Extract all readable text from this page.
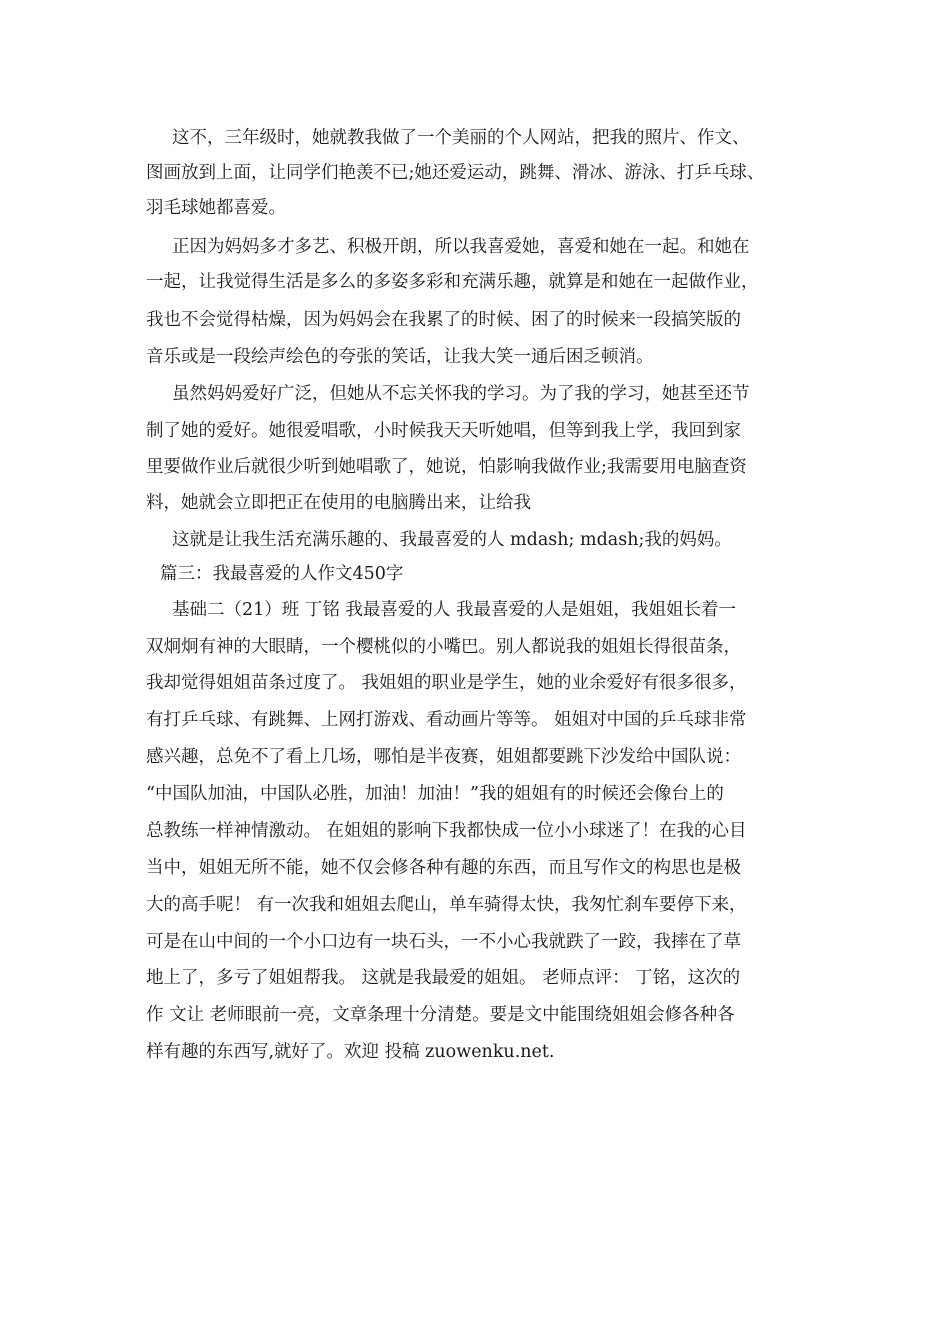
这不，三年级时，她就教我做了一个美丽的个人网站，把我的照片、作文、
图画放到上面，让同学们艳羡不已;她还爱运动，跳舞、滑冰、游泳、打乒乓球、
羽毛球她都喜爱。
正因为妈妈多才多艺、积极开朗，所以我喜爱她，喜爱和她在一起。和她在
一起，让我觉得生活是多么的多姿多彩和充满乐趣，就算是和她在一起做作业，
我也不会觉得枯燥，因为妈妈会在我累了的时候、困了的时候来一段搞笑版的
音乐或是一段绘声绘色的夸张的笑话，让我大笑一通后困乏顿消。
虽然妈妈爱好广泛，但她从不忘关怀我的学习。为了我的学习，她甚至还节
制了她的爱好。她很爱唱歌，小时候我天天听她唱，但等到我上学，我回到家
里要做作业后就很少听到她唱歌了，她说，怕影响我做作业;我需要用电脑查资
料，她就会立即把正在使用的电脑腾出来，让给我
这就是让我生活充满乐趣的、我最喜爱的人 mdash; mdash;我的妈妈。
篇三：我最喜爱的人作文450字
基础二（21）班 丁铭 我最喜爱的人 我最喜爱的人是姐姐，我姐姐长着一
双炯炯有神的大眼睛，一个樱桃似的小嘴巴。别人都说我的姐姐长得很苗条，
我却觉得姐姐苗条过度了。 我姐姐的职业是学生，她的业余爱好有很多很多，
有打乒乓球、有跳舞、上网打游戏、看动画片等等。 姐姐对中国的乒乓球非常
感兴趣，总免不了看上几场，哪怕是半夜赛，姐姐都要跳下沙发给中国队说：
“中国队加油，中国队必胜，加油！加油！”我的姐姐有的时候还会像台上的
总教练一样神情激动。 在姐姐的影响下我都快成一位小小球迷了！在我的心目
当中，姐姐无所不能，她不仅会修各种有趣的东西，而且写作文的构思也是极
大的高手呢！ 有一次我和姐姐去爬山，单车骑得太快，我匆忙刹车要停下来，
可是在山中间的一个小口边有一块石头，一不小心我就跌了一跤，我摔在了草
地上了，多亏了姐姐帮我。 这就是我最爱的姐姐。 老师点评： 丁铭，这次的
作 文让 老师眼前一亮，文章条理十分清楚。要是文中能围绕姐姐会修各种各
样有趣的东西写,就好了。欢迎 投稿 zuowenku.net.
